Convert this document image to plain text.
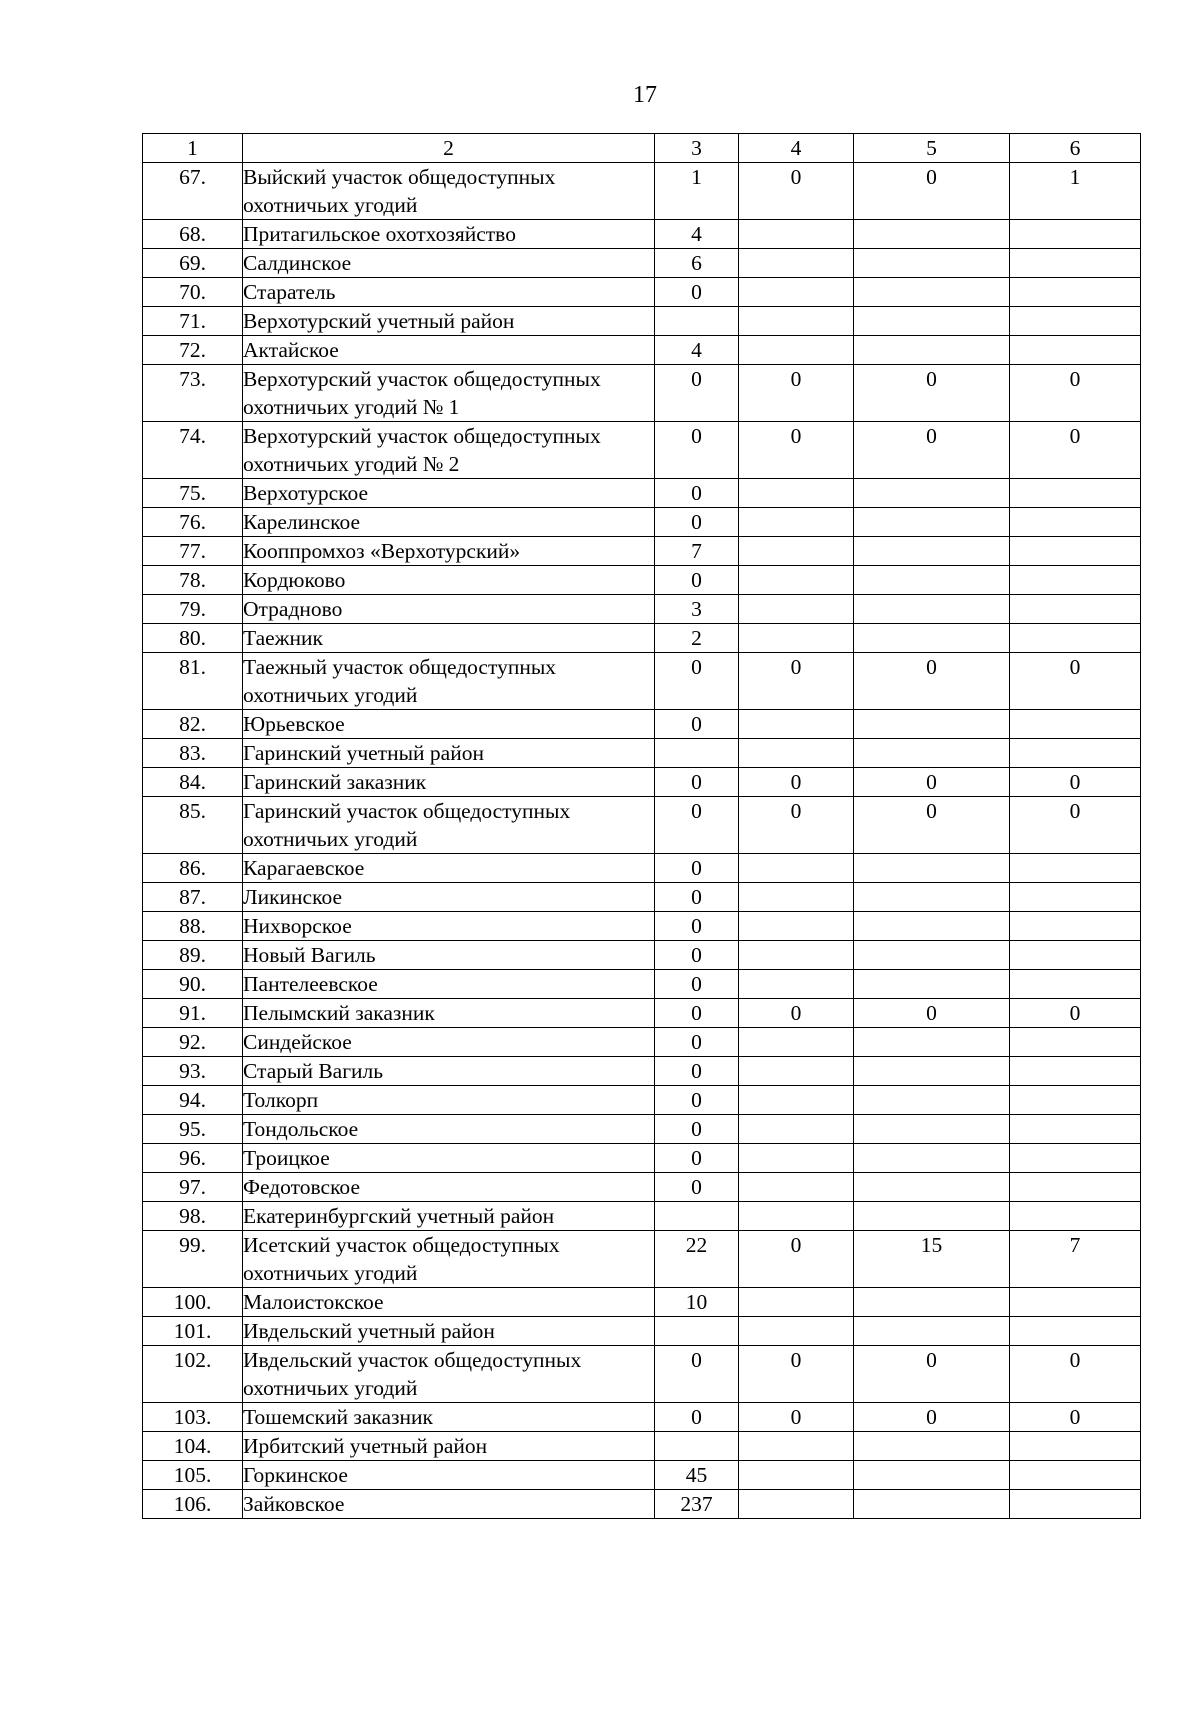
17
1	2	3	4	5	6
67.	Выйский участок общедоступных охотничьих угодий	1	0	0	1
68.	Притагильское охотхозяйство	4			
69.	Салдинское	6			
70.	Старатель	0			
71.	Верхотурский учетный район				
72.	Актайское	4			
73.	Верхотурский участок общедоступных охотничьих угодий № 1	0	0	0	0
74.	Верхотурский участок общедоступных охотничьих угодий № 2	0	0	0	0
75.	Верхотурское	0			
76.	Карелинское	0			
77.	Кооппромхоз «Верхотурский»	7			
78.	Кордюково	0			
79.	Отрадново	3			
80.	Таежник	2			
81.	Таежный участок общедоступных охотничьих угодий	0	0	0	0
82.	Юрьевское	0			
83.	Гаринский учетный район				
84.	Гаринский заказник	0	0	0	0
85.	Гаринский участок общедоступных охотничьих угодий	0	0	0	0
86.	Карагаевское	0			
87.	Ликинское	0			
88.	Нихворское	0			
89.	Новый Вагиль	0			
90.	Пантелеевское	0			
91.	Пелымский заказник	0	0	0	0
92.	Синдейское	0			
93.	Старый Вагиль	0			
94.	Толкорп	0			
95.	Тондольское	0			
96.	Троицкое	0			
97.	Федотовское	0			
98.	Екатеринбургский учетный район				
99.	Исетский участок общедоступных охотничьих угодий	22	0	15	7
100.	Малоистокское	10			
101.	Ивдельский учетный район				
102.	Ивдельский участок общедоступных охотничьих угодий	0	0	0	0
103.	Тошемский заказник	0	0	0	0
104.	Ирбитский учетный район				
105.	Горкинское	45			
106.	Зайковское	237			
